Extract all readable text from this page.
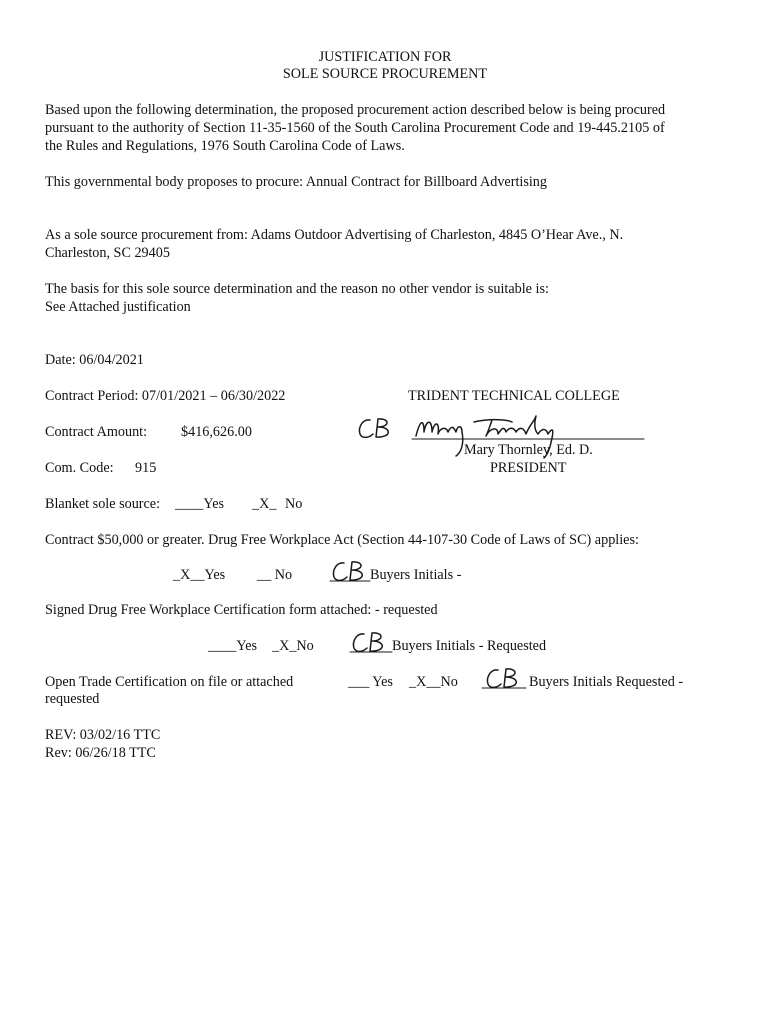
JUSTIFICATION FOR
SOLE SOURCE PROCUREMENT
Based upon the following determination, the proposed procurement action described below is being procured
pursuant to the authority of Section 11-35-1560 of the South Carolina Procurement Code and 19-445.2105 of
the Rules and Regulations, 1976 South Carolina Code of Laws.
This governmental body proposes to procure: Annual Contract for Billboard Advertising
As a sole source procurement from: Adams Outdoor Advertising of Charleston, 4845 O’Hear Ave., N.
Charleston, SC 29405
The basis for this sole source determination and the reason no other vendor is suitable is:
See Attached justification
Date: 06/04/2021
Contract Period: 07/01/2021 – 06/30/2022	TRIDENT TECHNICAL COLLEGE
Contract Amount: $416,626.00
Mary Thornley, Ed. D.
Com. Code: 915	PRESIDENT
Blanket sole source: ____Yes _X_ No
Contract $50,000 or greater. Drug Free Workplace Act (Section 44-107-30 Code of Laws of SC) applies:
_X__Yes __ No	Buyers Initials -
Signed Drug Free Workplace Certification form attached: - requested
____Yes _X_No	Buyers Initials - Requested
Open Trade Certification on file or attached
requested
___ Yes _X__No	Buyers Initials Requested -
REV: 03/02/16 TTC
Rev: 06/26/18 TTC
